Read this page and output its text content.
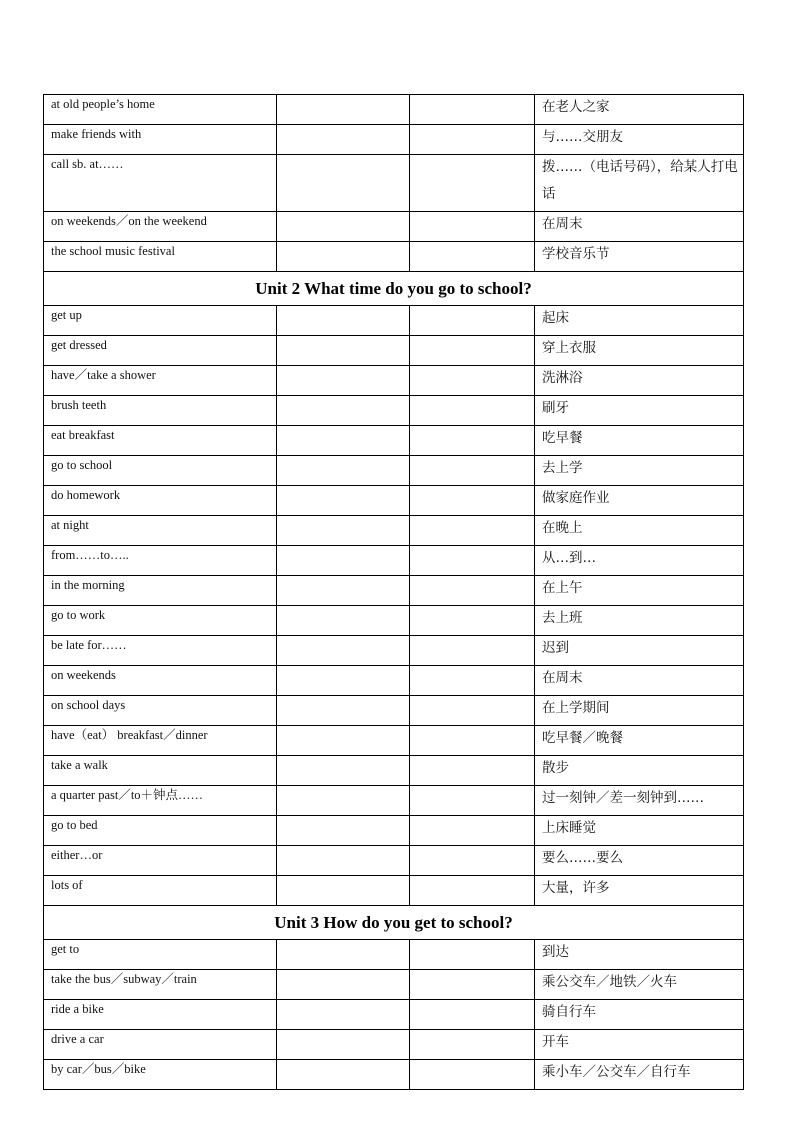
at old people’s home			在老人之家

make friends with			与……交朋友

call sb. at……			拨……（电话号码），给某人打电话

on weekends／on the weekend			在周末

the school music festival			学校音乐节

Unit 2 What time do you go to school?			
get up			起床

get dressed			穿上衣服

have／take a shower			洗淋浴

brush teeth			刷牙

eat breakfast			吃早餐

go to school			去上学

do homework			做家庭作业

at night			在晚上

from……to…..			从…到…

in the morning			在上午

go to work			去上班

be late for……			迟到

on weekends			在周末

on school days			在上学期间

have（eat） breakfast／dinner			吃早餐／晚餐

take a walk			散步

a quarter past／to＋钟点……			过一刻钟／差一刻钟到……

go to bed			上床睡觉

either…or			要么……要么

lots of			大量，许多

Unit 3 How do you get to school?			
get to			到达

take the bus／subway／train			乘公交车／地铁／火车

ride a bike			骑自行车

drive a car			开车

by car／bus／bike			乘小车／公交车／自行车
